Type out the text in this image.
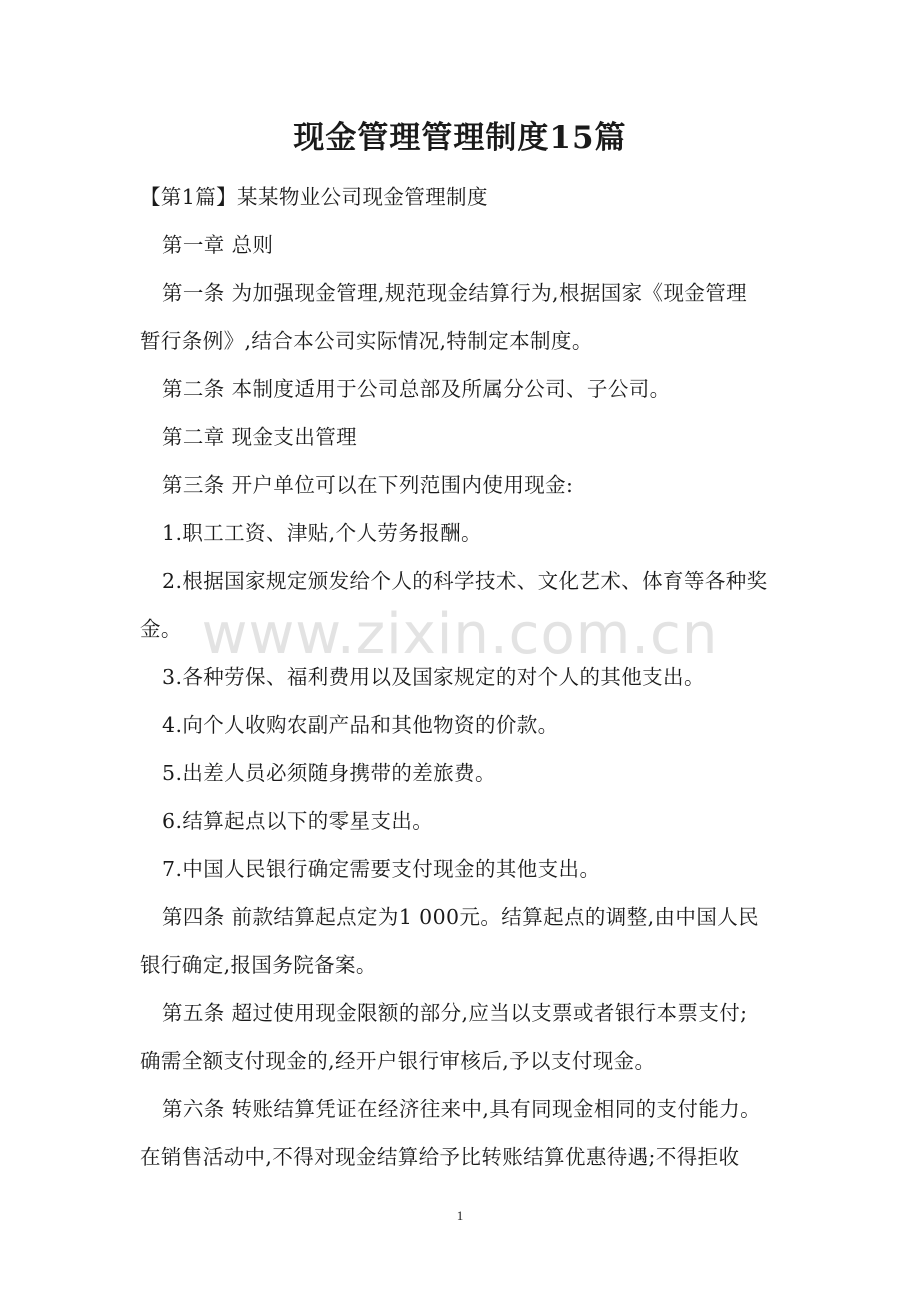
现金管理管理制度15篇
www.zixin.com.cn
【第1篇】某某物业公司现金管理制度
第一章 总则
第一条 为加强现金管理,规范现金结算行为,根据国家《现金管理
暂行条例》,结合本公司实际情况,特制定本制度。
第二条 本制度适用于公司总部及所属分公司、子公司。
第二章 现金支出管理
第三条 开户单位可以在下列范围内使用现金:
1.职工工资、津贴,个人劳务报酬。
2.根据国家规定颁发给个人的科学技术、文化艺术、体育等各种奖
金。
3.各种劳保、福利费用以及国家规定的对个人的其他支出。
4.向个人收购农副产品和其他物资的价款。
5.出差人员必须随身携带的差旅费。
6.结算起点以下的零星支出。
7.中国人民银行确定需要支付现金的其他支出。
第四条 前款结算起点定为1 000元。结算起点的调整,由中国人民
银行确定,报国务院备案。
第五条 超过使用现金限额的部分,应当以支票或者银行本票支付;
确需全额支付现金的,经开户银行审核后,予以支付现金。
第六条 转账结算凭证在经济往来中,具有同现金相同的支付能力。
在销售活动中,不得对现金结算给予比转账结算优惠待遇;不得拒收
1
